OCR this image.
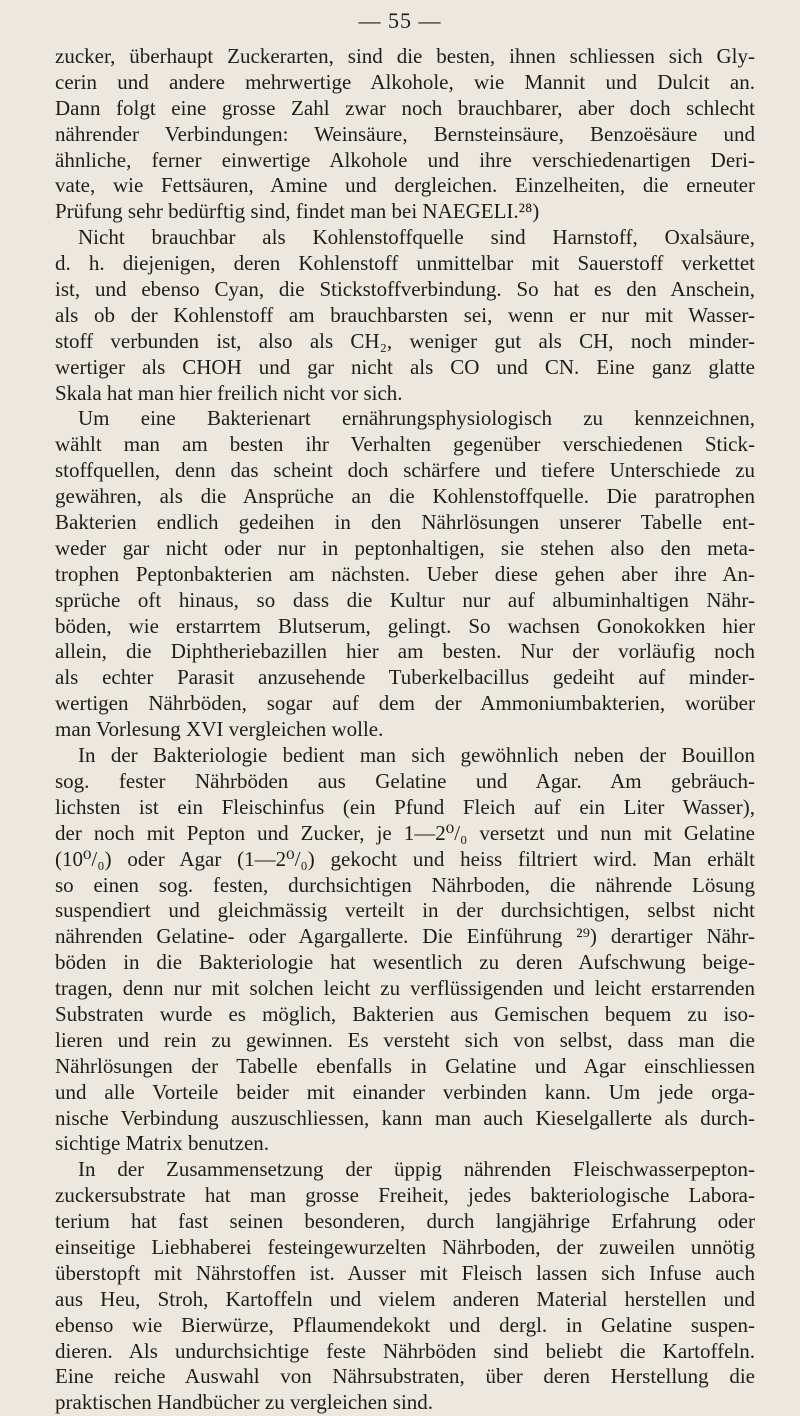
— 55 —
zucker, überhaupt Zuckerarten, sind die besten, ihnen schliessen sich Gly-
cerin und andere mehrwertige Alkohole, wie Mannit und Dulcit an.
Dann folgt eine grosse Zahl zwar noch brauchbarer, aber doch schlecht
nährender Verbindungen: Weinsäure, Bernsteinsäure, Benzoësäure und
ähnliche, ferner einwertige Alkohole und ihre verschiedenartigen Deri-
vate, wie Fettsäuren, Amine und dergleichen. Einzelheiten, die erneuter
Prüfung sehr bedürftig sind, findet man bei NAEGELI.²⁸)
Nicht brauchbar als Kohlenstoffquelle sind Harnstoff, Oxalsäure,
d. h. diejenigen, deren Kohlenstoff unmittelbar mit Sauerstoff verkettet
ist, und ebenso Cyan, die Stickstoffverbindung. So hat es den Anschein,
als ob der Kohlenstoff am brauchbarsten sei, wenn er nur mit Wasser-
stoff verbunden ist, also als CH₂, weniger gut als CH, noch minder-
wertiger als CHOH und gar nicht als CO und CN. Eine ganz glatte
Skala hat man hier freilich nicht vor sich.
Um eine Bakterienart ernährungsphysiologisch zu kennzeichnen,
wählt man am besten ihr Verhalten gegenüber verschiedenen Stick-
stoffquellen, denn das scheint doch schärfere und tiefere Unterschiede zu
gewähren, als die Ansprüche an die Kohlenstoffquelle. Die paratrophen
Bakterien endlich gedeihen in den Nährlösungen unserer Tabelle ent-
weder gar nicht oder nur in peptonhaltigen, sie stehen also den meta-
trophen Peptonbakterien am nächsten. Ueber diese gehen aber ihre An-
sprüche oft hinaus, so dass die Kultur nur auf albuminhaltigen Nähr-
böden, wie erstarrtem Blutserum, gelingt. So wachsen Gonokokken hier
allein, die Diphtheriebazillen hier am besten. Nur der vorläufig noch
als echter Parasit anzusehende Tuberkelbacillus gedeiht auf minder-
wertigen Nährböden, sogar auf dem der Ammoniumbakterien, worüber
man Vorlesung XVI vergleichen wolle.
In der Bakteriologie bedient man sich gewöhnlich neben der Bouillon
sog. fester Nährböden aus Gelatine und Agar. Am gebräuch-
lichsten ist ein Fleischinfus (ein Pfund Fleich auf ein Liter Wasser),
der noch mit Pepton und Zucker, je 1—2⁰/₀ versetzt und nun mit Gelatine
(10⁰/₀) oder Agar (1—2⁰/₀) gekocht und heiss filtriert wird. Man erhält
so einen sog. festen, durchsichtigen Nährboden, die nährende Lösung
suspendiert und gleichmässig verteilt in der durchsichtigen, selbst nicht
nährenden Gelatine- oder Agargallerte. Die Einführung ²⁹) derartiger Nähr-
böden in die Bakteriologie hat wesentlich zu deren Aufschwung beige-
tragen, denn nur mit solchen leicht zu verflüssigenden und leicht erstarrenden
Substraten wurde es möglich, Bakterien aus Gemischen bequem zu iso-
lieren und rein zu gewinnen. Es versteht sich von selbst, dass man die
Nährlösungen der Tabelle ebenfalls in Gelatine und Agar einschliessen
und alle Vorteile beider mit einander verbinden kann. Um jede orga-
nische Verbindung auszuschliessen, kann man auch Kieselgallerte als durch-
sichtige Matrix benutzen.
In der Zusammensetzung der üppig nährenden Fleischwasserpepton-
zuckersubstrate hat man grosse Freiheit, jedes bakteriologische Labora-
terium hat fast seinen besonderen, durch langjährige Erfahrung oder
einseitige Liebhaberei festeingewurzelten Nährboden, der zuweilen unnötig
überstopft mit Nährstoffen ist. Ausser mit Fleisch lassen sich Infuse auch
aus Heu, Stroh, Kartoffeln und vielem anderen Material herstellen und
ebenso wie Bierwürze, Pflaumendekokt und dergl. in Gelatine suspen-
dieren. Als undurchsichtige feste Nährböden sind beliebt die Kartoffeln.
Eine reiche Auswahl von Nährsubstraten, über deren Herstellung die
praktischen Handbücher zu vergleichen sind.
